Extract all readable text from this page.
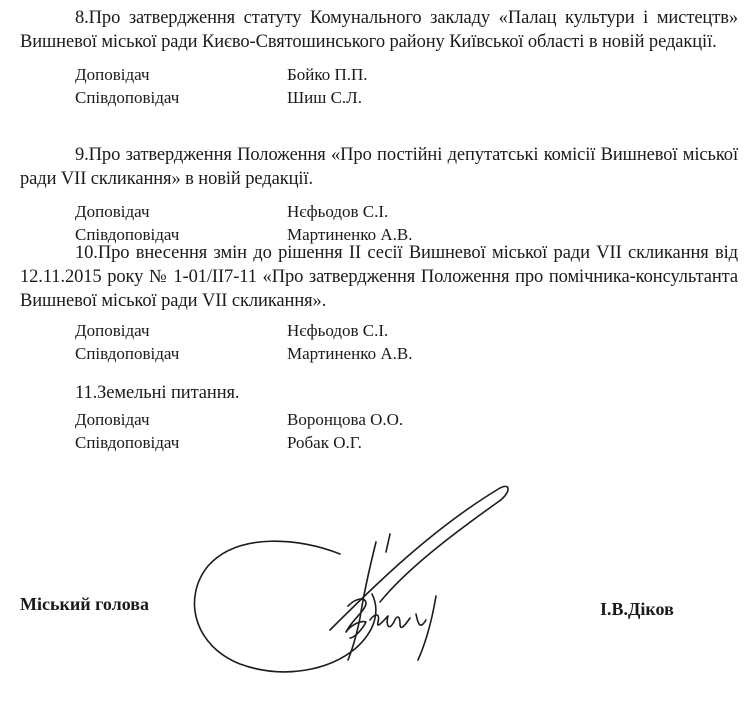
8.Про затвердження статуту Комунального закладу «Палац культури і мистецтв» Вишневої міської ради Києво-Святошинського району Київської області в новій редакції.

Доповідач	Бойко П.П.
Співдоповідач	Шиш С.Л.

9.Про затвердження Положення «Про постійні депутатські комісії Вишневої міської ради VII скликання» в новій редакції.

Доповідач	Нєфьодов С.І.
Співдоповідач	Мартиненко А.В.

10.Про внесення змін до рішення ІІ сесії Вишневої міської ради VII скликання від 12.11.2015 року № 1-01/ІІ7-11 «Про затвердження Положення про помічника-консультанта Вишневої міської ради VII скликання».

Доповідач	Нєфьодов С.І.
Співдоповідач	Мартиненко А.В.

11.Земельні питання.

Доповідач	Воронцова О.О.
Співдоповідач	Робак О.Г.
Міський голова	І.В.Діков
